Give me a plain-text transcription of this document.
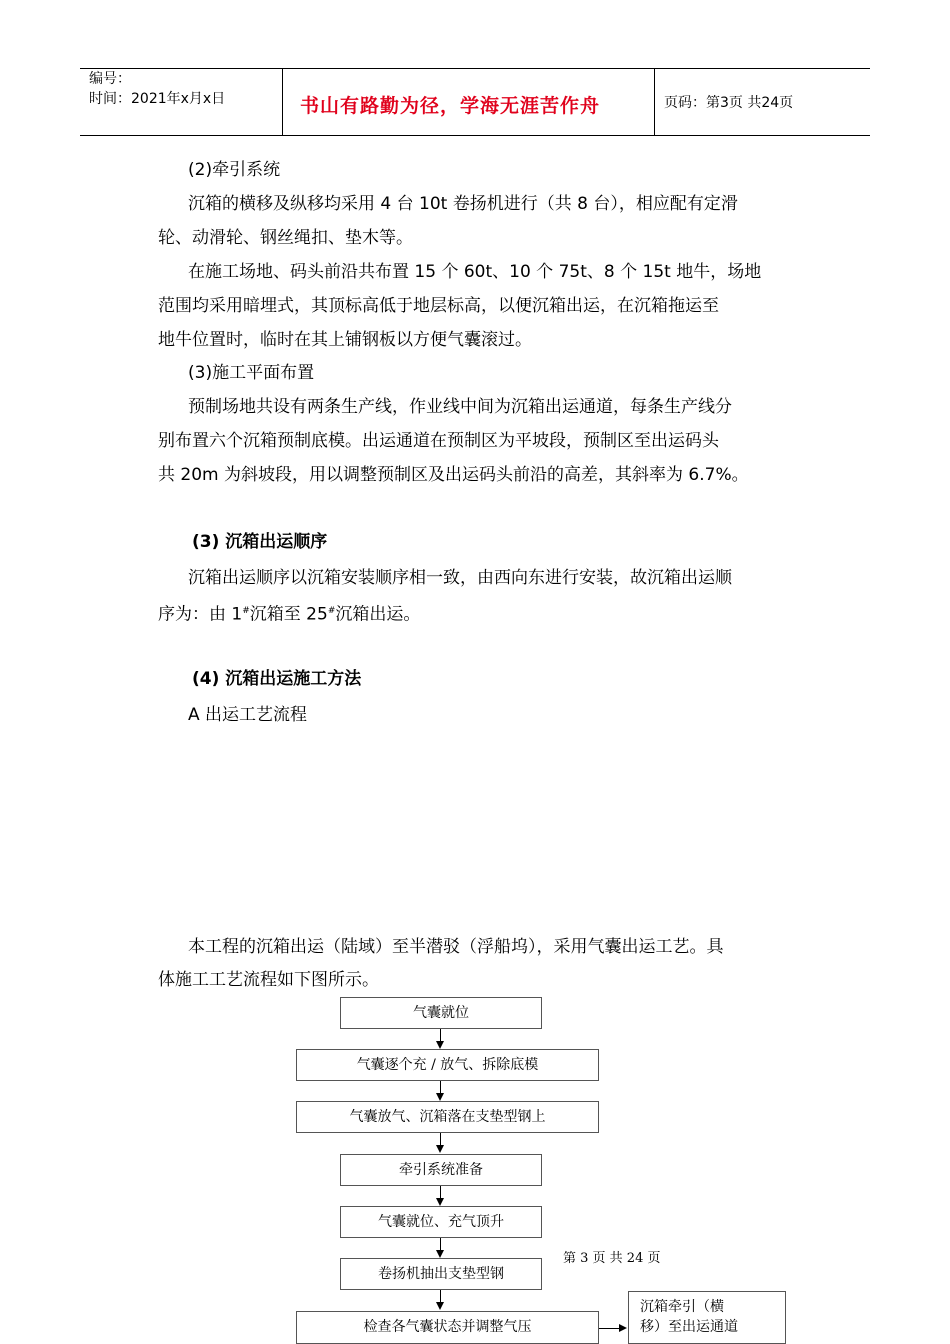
编号：
时间：2021年x月x日	书山有路勤为径，学海无涯苦作舟	页码：第3页 共24页
(2)牵引系统
沉箱的横移及纵移均采用 4 台 10t 卷扬机进行（共 8 台），相应配有定滑
轮、动滑轮、钢丝绳扣、垫木等。
在施工场地、码头前沿共布置 15 个 60t、10 个 75t、8 个 15t 地牛，场地
范围均采用暗埋式，其顶标高低于地层标高，以便沉箱出运，在沉箱拖运至
地牛位置时，临时在其上铺钢板以方便气囊滚过。
(3)施工平面布置
预制场地共设有两条生产线，作业线中间为沉箱出运通道，每条生产线分
别布置六个沉箱预制底模。出运通道在预制区为平坡段，预制区至出运码头
共 20m 为斜坡段，用以调整预制区及出运码头前沿的高差，其斜率为 6.7%。
(3) 沉箱出运顺序
沉箱出运顺序以沉箱安装顺序相一致，由西向东进行安装，故沉箱出运顺
序为：由 1#沉箱至 25#沉箱出运。
(4) 沉箱出运施工方法
A 出运工艺流程
本工程的沉箱出运（陆域）至半潜驳（浮船坞），采用气囊出运工艺。具
体施工工艺流程如下图所示。
气囊就位
气囊逐个充 / 放气、拆除底模
气囊放气、沉箱落在支垫型钢上
牵引系统准备
气囊就位、充气顶升
卷扬机抽出支垫型钢
检查各气囊状态并调整气压
沉箱牵引（横
移）至出运通道
第 3 页 共 24 页
